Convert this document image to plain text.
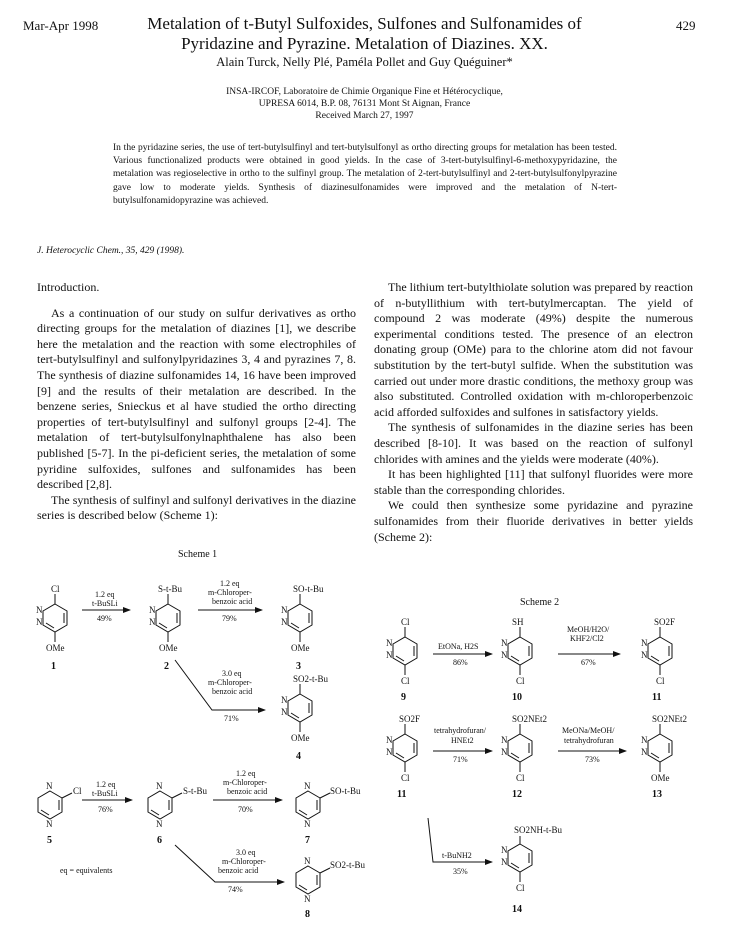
Mar-Apr 1998	429
Metalation of t-Butyl Sulfoxides, Sulfones and Sulfonamides of
Pyridazine and Pyrazine. Metalation of Diazines. XX.
Alain Turck, Nelly Plé, Paméla Pollet and Guy Quéguiner*
INSA-IRCOF, Laboratoire de Chimie Organique Fine et Hétérocyclique,
UPRESA 6014, B.P. 08, 76131 Mont St Aignan, France
Received March 27, 1997
In the pyridazine series, the use of tert-butylsulfinyl and tert-butylsulfonyl as ortho directing groups for metalation has been tested. Various functionalized products were obtained in good yields. In the case of 3-tert-butylsulfinyl-6-methoxypyridazine, the metalation was regioselective in ortho to the sulfinyl group. The metalation of 2-tert-butylsulfinyl and 2-tert-butylsulfonylpyrazine gave low to moderate yields. Synthesis of diazinesulfonamides were improved and the metalation of N-tert-butylsulfonamidopyrazine was achieved.
J. Heterocyclic Chem., 35, 429 (1998).

Introduction.

As a continuation of our study on sulfur derivatives as ortho directing groups for the metalation of diazines [1], we describe here the metalation and the reaction with some electrophiles of tert-butylsulfinyl and sulfonylpyridazines 3, 4 and pyrazines 7, 8. The synthesis of diazine sulfonamides 14, 16 have been improved [9] and the results of their metalation are described. In the benzene series, Snieckus et al have studied the ortho directing properties of tert-butylsulfinyl and sulfonyl groups [2-4]. The metalation of tert-butylsulfonylnaphthalene has also been published [5-7]. In the pi-deficient series, the metalation of some pyridine sulfoxides, sulfones and sulfonamides has been described [2,8].

The synthesis of sulfinyl and sulfonyl derivatives in the diazine series is described below (Scheme 1):

The lithium tert-butylthiolate solution was prepared by reaction of n-butyllithium with tert-butylmercaptan. The yield of compound 2 was moderate (49%) despite the numerous experimental conditions tested. The presence of an electron donating group (OMe) para to the chlorine atom did not favour substitution by the tert-butyl sulfide. When the substitution was carried out under more drastic conditions, the methoxy group was also substituted. Controlled oxidation with m-chloroperbenzoic acid afforded sulfoxides and sulfones in satisfactory yields.

The synthesis of sulfonamides in the diazine series has been described [8-10]. It was based on the reaction of sulfonyl chlorides with amines and the yields were moderate (40%).

It has been highlighted [11] that sulfonyl fluorides were more stable than the corresponding chlorides.

We could then synthesize some pyridazine and pyrazine sulfonamides from their fluoride derivatives in better yields (Scheme 2):

Scheme 1
Cl
N
N
OMe
1
1.2 eq
t-BuSLi
49%
S-t-Bu
N
N
OMe
2
1.2 eq
m-Chloroper-
benzoic acid
79%
SO-t-Bu
N
N
OMe
3
3.0 eq
m-Chloroper-
benzoic acid
71%
SO2-t-Bu
N
N
OMe
4
Cl
N
N
5
1.2 eq
t-BuSLi
76%
S-t-Bu
N
N
6
1.2 eq
m-Chloroper-
benzoic acid
70%
SO-t-Bu
N
N
7
3.0 eq
m-Chloroper-
benzoic acid
74%
SO2-t-Bu
N
N
8
eq = equivalents
Scheme 2
Cl
N
N
Cl
9
EtONa, H2S
86%
SH
N
N
Cl
10
MeOH/H2O/
KHF2/Cl2
67%
SO2F
N
N
Cl
11
SO2F
N
N
Cl
11
tetrahydrofuran/
HNEt2
71%
SO2NEt2
N
N
Cl
12
MeONa/MeOH/
tetrahydrofuran
73%
SO2NEt2
N
N
OMe
13
t-BuNH2
35%
SO2NH-t-Bu
N
N
Cl
14
